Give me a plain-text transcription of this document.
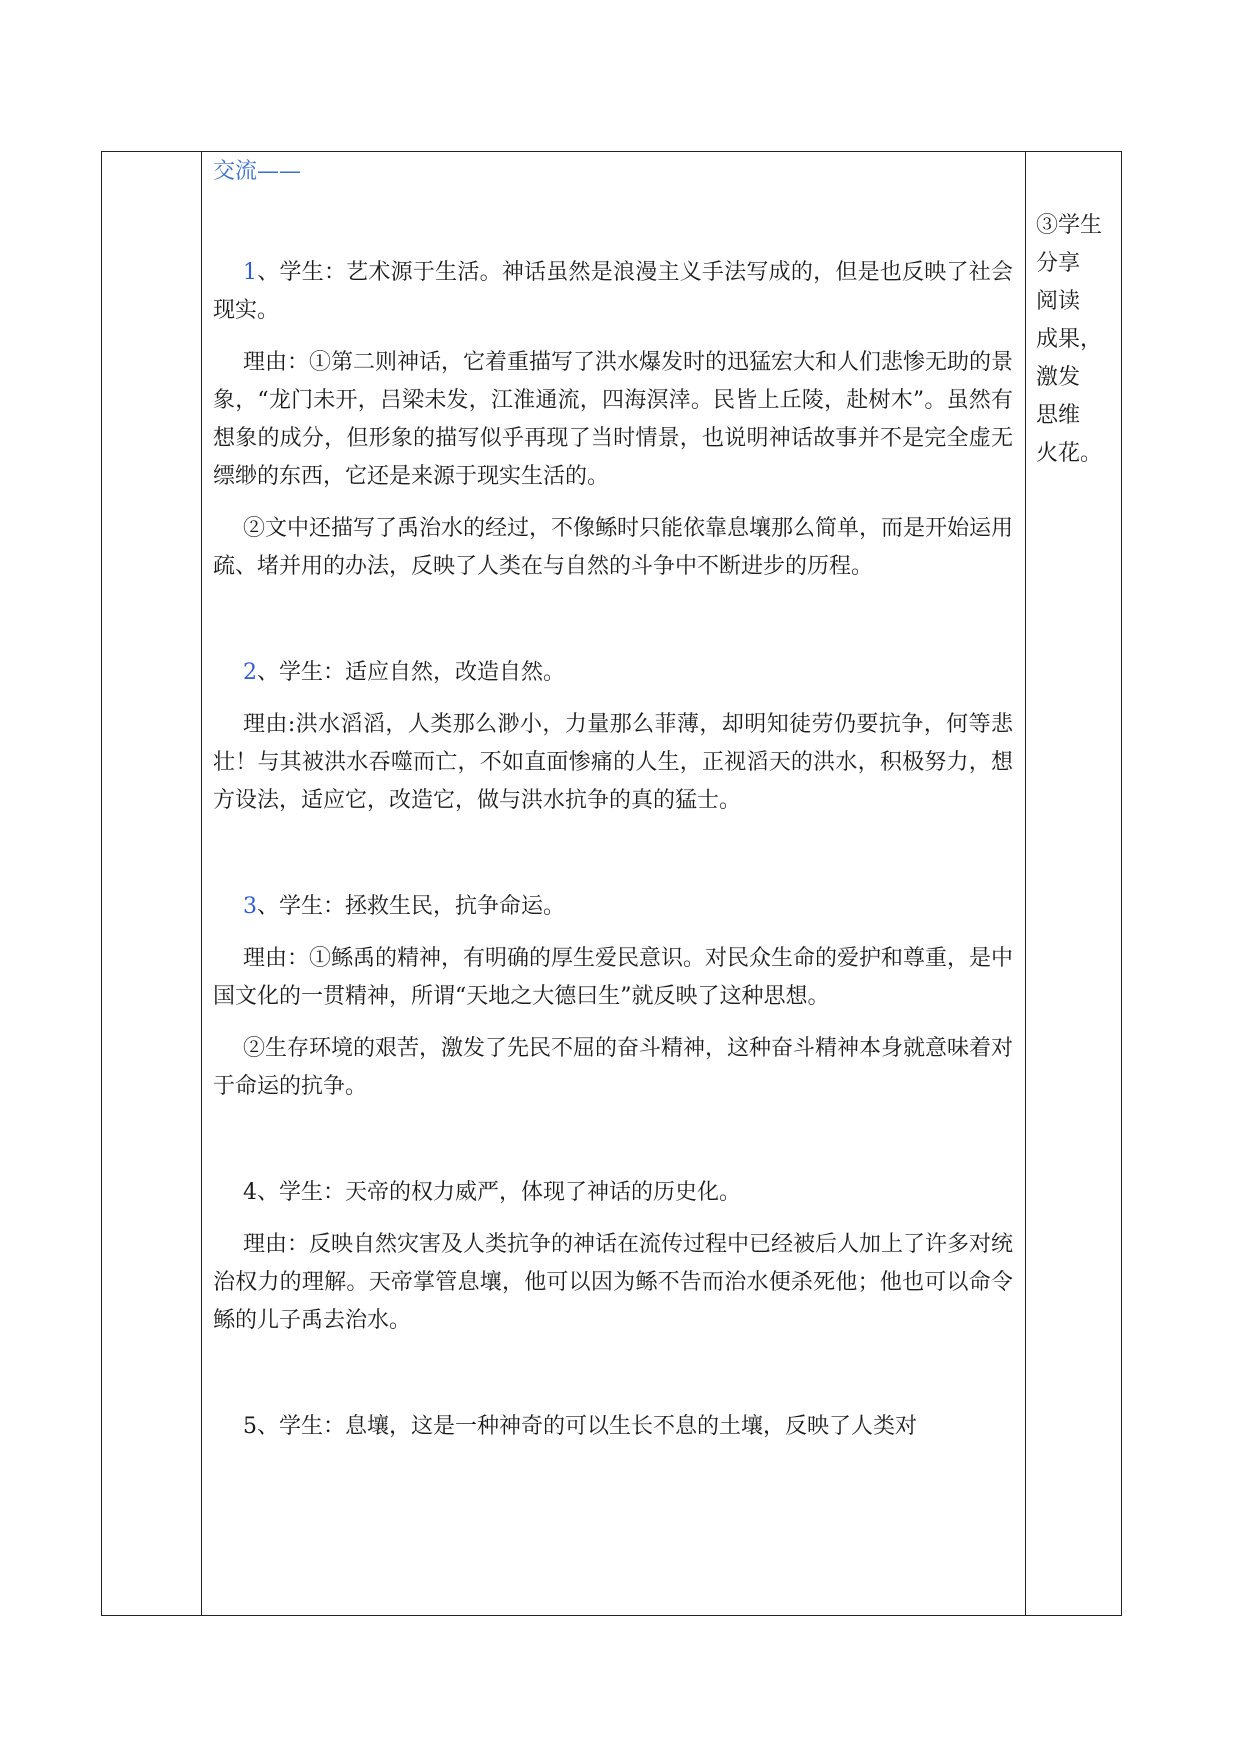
交流——

1、学生：艺术源于生活。神话虽然是浪漫主义手法写成的，但是也反映了社会现实。

理由：①第二则神话，它着重描写了洪水爆发时的迅猛宏大和人们悲惨无助的景象，“龙门未开，吕梁未发，江淮通流，四海溟涬。民皆上丘陵，赴树木”。虽然有想象的成分，但形象的描写似乎再现了当时情景，也说明神话故事并不是完全虚无缥缈的东西，它还是来源于现实生活的。

②文中还描写了禹治水的经过，不像鲧时只能依靠息壤那么简单，而是开始运用疏、堵并用的办法，反映了人类在与自然的斗争中不断进步的历程。

2、学生：适应自然，改造自然。

理由:洪水滔滔，人类那么渺小，力量那么菲薄，却明知徒劳仍要抗争，何等悲壮！与其被洪水吞噬而亡，不如直面惨痛的人生，正视滔天的洪水，积极努力，想方设法，适应它，改造它，做与洪水抗争的真的猛士。

3、学生：拯救生民，抗争命运。

理由：①鲧禹的精神，有明确的厚生爱民意识。对民众生命的爱护和尊重，是中国文化的一贯精神，所谓“天地之大德曰生”就反映了这种思想。

②生存环境的艰苦，激发了先民不屈的奋斗精神，这种奋斗精神本身就意味着对于命运的抗争。

4、学生：天帝的权力威严，体现了神话的历史化。

理由：反映自然灾害及人类抗争的神话在流传过程中已经被后人加上了许多对统治权力的理解。天帝掌管息壤，他可以因为鲧不告而治水便杀死他；他也可以命令鲧的儿子禹去治水。

5、学生：息壤，这是一种神奇的可以生长不息的土壤，反映了人类对

③学生

分享

阅读

成果，

激发

思维

火花。
